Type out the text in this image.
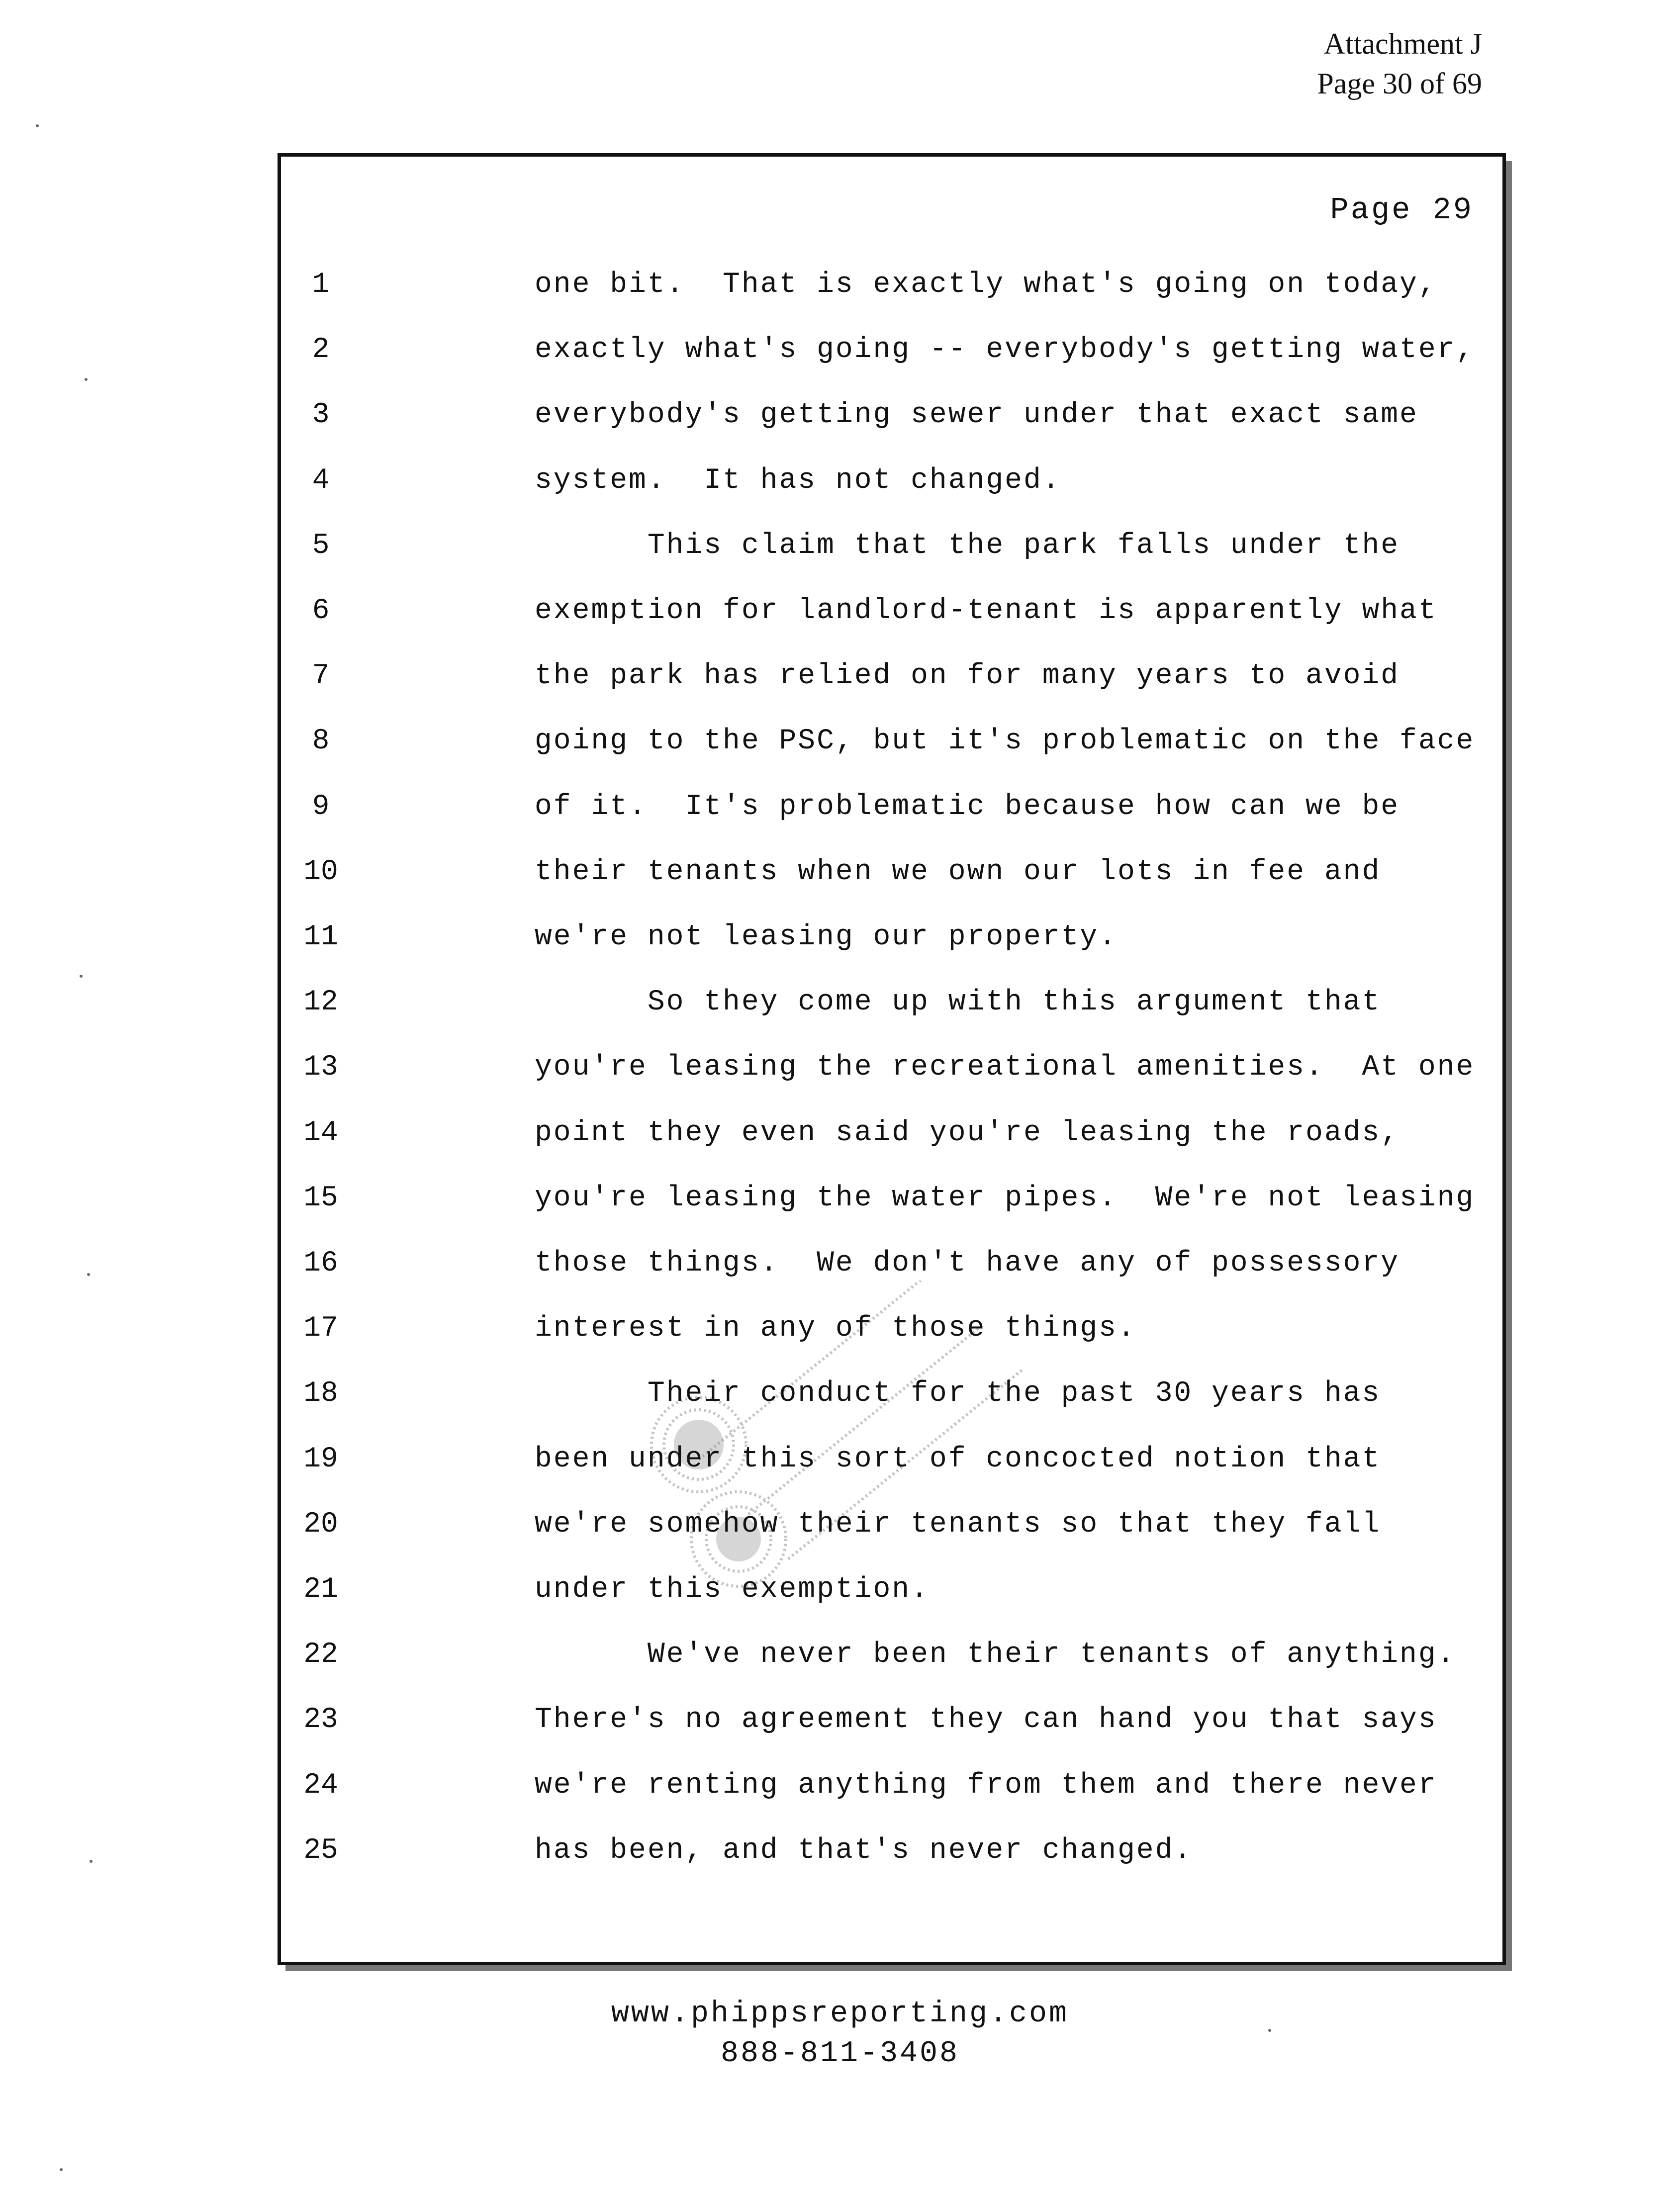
Attachment J
Page 30 of 69
Page 29
1	one bit.  That is exactly what's going on today,
2	exactly what's going -- everybody's getting water,
3	everybody's getting sewer under that exact same
4	system.  It has not changed.
5	This claim that the park falls under the
6	exemption for landlord-tenant is apparently what
7	the park has relied on for many years to avoid
8	going to the PSC, but it's problematic on the face
9	of it.  It's problematic because how can we be
10	their tenants when we own our lots in fee and
11	we're not leasing our property.
12	So they come up with this argument that
13	you're leasing the recreational amenities.  At one
14	point they even said you're leasing the roads,
15	you're leasing the water pipes.  We're not leasing
16	those things.  We don't have any of possessory
17	interest in any of those things.
18	Their conduct for the past 30 years has
19	been under this sort of concocted notion that
20	we're somehow their tenants so that they fall
21	under this exemption.
22	We've never been their tenants of anything.
23	There's no agreement they can hand you that says
24	we're renting anything from them and there never
25	has been, and that's never changed.
www.phippsreporting.com
888-811-3408
